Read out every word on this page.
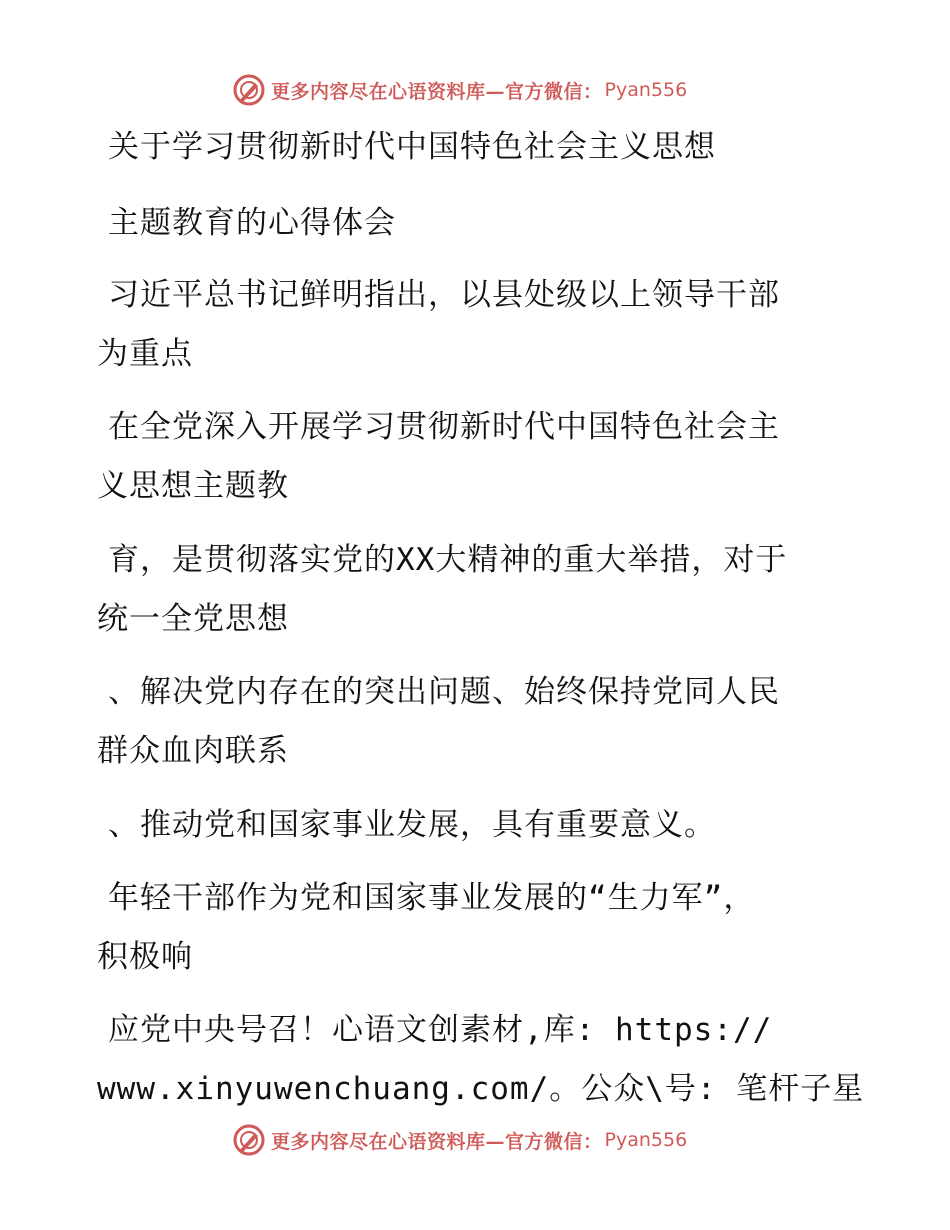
更多内容尽在心语资料库—官方微信： Pyan556
关于学习贯彻新时代中国特色社会主义思想
主题教育的心得体会
习近平总书记鲜明指出，以县处级以上领导干部
为重点
在全党深入开展学习贯彻新时代中国特色社会主
义思想主题教
育，是贯彻落实党的XX大精神的重大举措，对于
统一全党思想
、解决党内存在的突出问题、始终保持党同人民
群众血肉联系
、推动党和国家事业发展，具有重要意义。
年轻干部作为党和国家事业发展的“生力军”，
积极响
应党中央号召！心语文创素材,库: https://
www.xinyuwenchuang.com/。公众\号: 笔杆子星
更多内容尽在心语资料库—官方微信： Pyan556
